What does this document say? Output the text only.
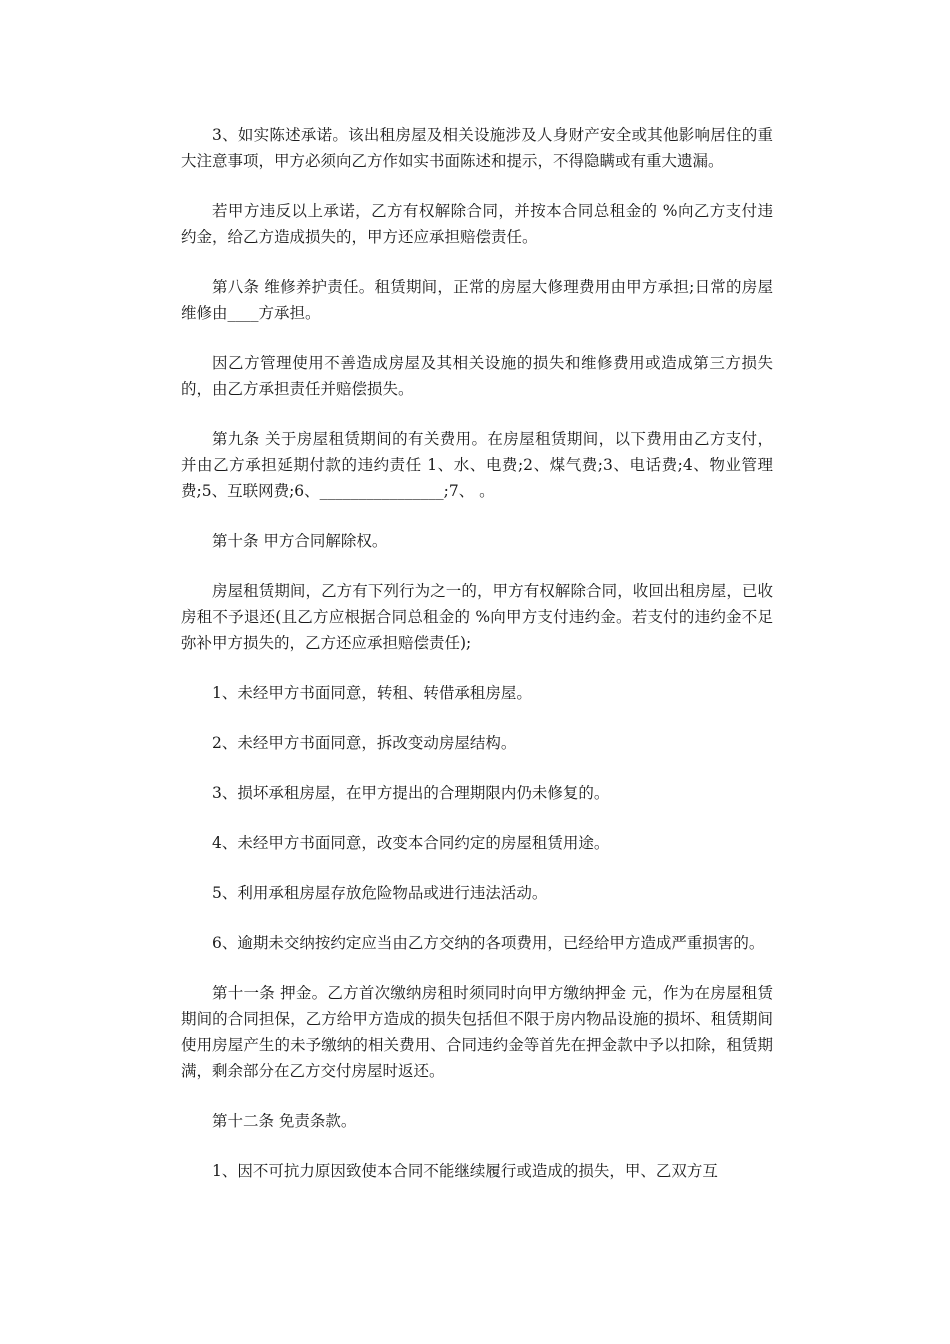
3、如实陈述承诺。该出租房屋及相关设施涉及人身财产安全或其他影响居住的重大注意事项，甲方必须向乙方作如实书面陈述和提示，不得隐瞒或有重大遗漏。

若甲方违反以上承诺，乙方有权解除合同，并按本合同总租金的 %向乙方支付违约金，给乙方造成损失的，甲方还应承担赔偿责任。

第八条 维修养护责任。租赁期间，正常的房屋大修理费用由甲方承担;日常的房屋维修由____方承担。

因乙方管理使用不善造成房屋及其相关设施的损失和维修费用或造成第三方损失的，由乙方承担责任并赔偿损失。

第九条 关于房屋租赁期间的有关费用。在房屋租赁期间，以下费用由乙方支付，并由乙方承担延期付款的违约责任 1、水、电费;2、煤气费;3、电话费;4、物业管理费;5、互联网费;6、________________;7、 。

第十条 甲方合同解除权。

房屋租赁期间，乙方有下列行为之一的，甲方有权解除合同，收回出租房屋，已收房租不予退还(且乙方应根据合同总租金的 %向甲方支付违约金。若支付的违约金不足弥补甲方损失的，乙方还应承担赔偿责任);

1、未经甲方书面同意，转租、转借承租房屋。

2、未经甲方书面同意，拆改变动房屋结构。

3、损坏承租房屋，在甲方提出的合理期限内仍未修复的。

4、未经甲方书面同意，改变本合同约定的房屋租赁用途。

5、利用承租房屋存放危险物品或进行违法活动。

6、逾期未交纳按约定应当由乙方交纳的各项费用，已经给甲方造成严重损害的。

第十一条 押金。乙方首次缴纳房租时须同时向甲方缴纳押金 元，作为在房屋租赁期间的合同担保，乙方给甲方造成的损失包括但不限于房内物品设施的损坏、租赁期间使用房屋产生的未予缴纳的相关费用、合同违约金等首先在押金款中予以扣除，租赁期满，剩余部分在乙方交付房屋时返还。

第十二条 免责条款。

1、因不可抗力原因致使本合同不能继续履行或造成的损失，甲、乙双方互
